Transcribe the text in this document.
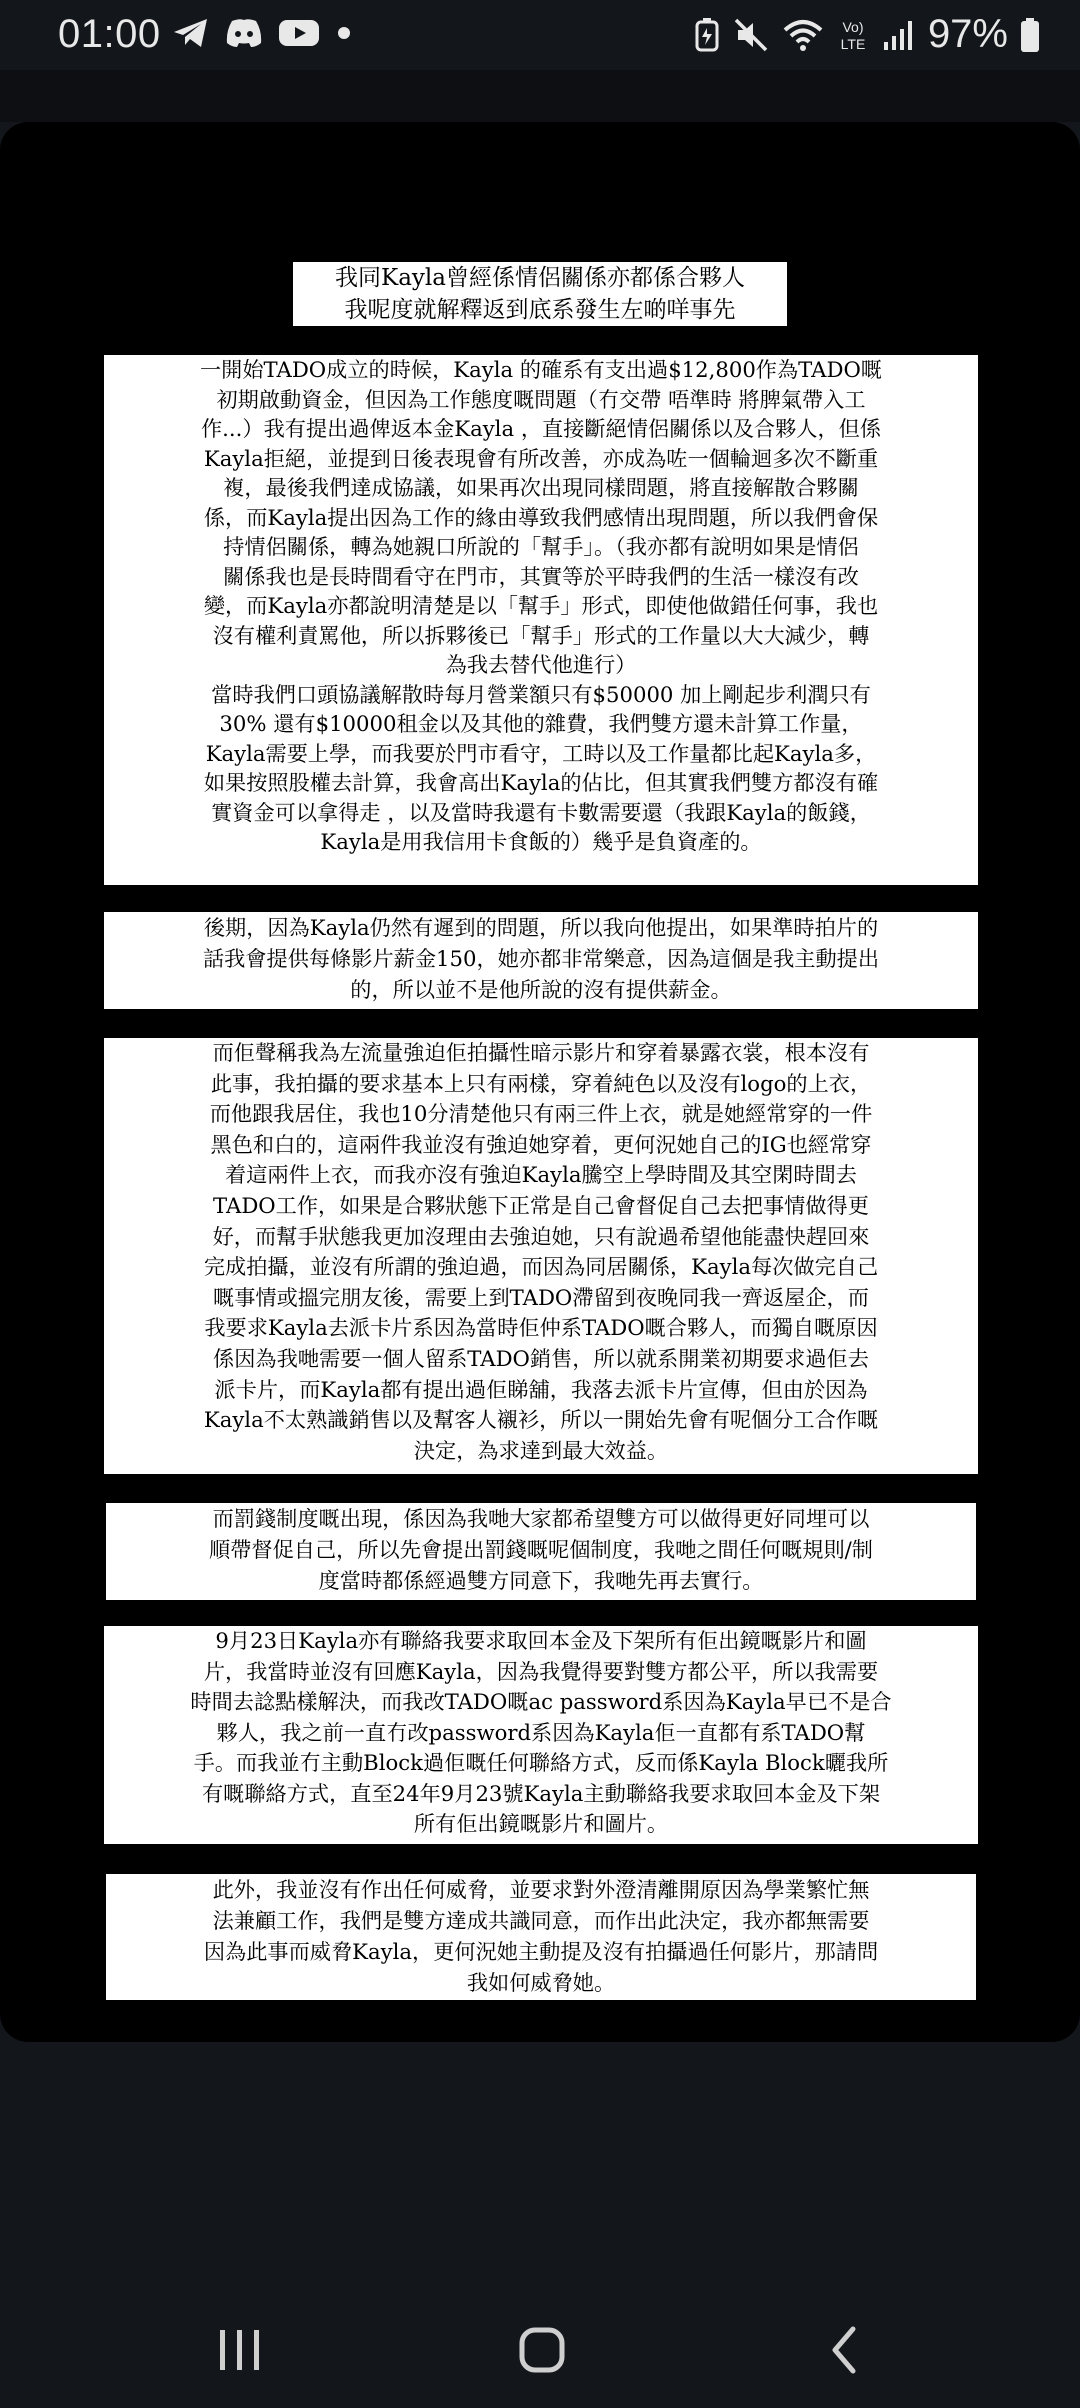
01:00	Vo)
LTE 97%

我同Kayla曾經係情侶關係亦都係合夥人

我呢度就解釋返到底系發生左啲咩事先

一開始TADO成立的時候，Kayla 的確系有支出過$12,800作為TADO嘅

初期啟動資金，但因為工作態度嘅問題（冇交帶 唔準時 將脾氣帶入工

作...）我有提出過俾返本金Kayla ，直接斷絕情侶關係以及合夥人，但係

Kayla拒絕，並提到日後表現會有所改善，亦成為咗一個輪迴多次不斷重

複，最後我們達成協議，如果再次出現同樣問題，將直接解散合夥關

係，而Kayla提出因為工作的緣由導致我們感情出現問題，所以我們會保

持情侶關係，轉為她親口所說的「幫手」。（我亦都有說明如果是情侶

關係我也是長時間看守在門市，其實等於平時我們的生活一樣沒有改

變，而Kayla亦都說明清楚是以「幫手」形式，即使他做錯任何事，我也

沒有權利責罵他，所以拆夥後已「幫手」形式的工作量以大大減少，轉

為我去替代他進行）

當時我們口頭協議解散時每月營業額只有$50000 加上剛起步利潤只有

30% 還有$10000租金以及其他的雜費，我們雙方還未計算工作量，

Kayla需要上學，而我要於門市看守，工時以及工作量都比起Kayla多，

如果按照股權去計算，我會高出Kayla的佔比，但其實我們雙方都沒有確

實資金可以拿得走 ，以及當時我還有卡數需要還（我跟Kayla的飯錢，

Kayla是用我信用卡食飯的）幾乎是負資產的。

後期，因為Kayla仍然有遲到的問題，所以我向他提出，如果準時拍片的

話我會提供每條影片薪金150，她亦都非常樂意，因為這個是我主動提出

的，所以並不是他所說的沒有提供薪金。

而佢聲稱我為左流量強迫佢拍攝性暗示影片和穿着暴露衣裳，根本沒有

此事，我拍攝的要求基本上只有兩樣，穿着純色以及沒有logo的上衣，

而他跟我居住，我也10分清楚他只有兩三件上衣，就是她經常穿的一件

黑色和白的，這兩件我並沒有強迫她穿着，更何況她自己的IG也經常穿

着這兩件上衣，而我亦沒有強迫Kayla騰空上學時間及其空閑時間去

TADO工作，如果是合夥狀態下正常是自己會督促自己去把事情做得更

好，而幫手狀態我更加沒理由去強迫她，只有說過希望他能盡快趕回來

完成拍攝，並沒有所謂的強迫過，而因為同居關係，Kayla每次做完自己

嘅事情或搵完朋友後，需要上到TADO滯留到夜晚同我一齊返屋企，而

我要求Kayla去派卡片系因為當時佢仲系TADO嘅合夥人，而獨自嘅原因

係因為我哋需要一個人留系TADO銷售，所以就系開業初期要求過佢去

派卡片，而Kayla都有提出過佢睇舖，我落去派卡片宣傳，但由於因為

Kayla不太熟識銷售以及幫客人襯衫，所以一開始先會有呢個分工合作嘅

決定，為求達到最大效益。

而罰錢制度嘅出現，係因為我哋大家都希望雙方可以做得更好同埋可以

順帶督促自己，所以先會提出罰錢嘅呢個制度，我哋之間任何嘅規則/制

度當時都係經過雙方同意下，我哋先再去實行。

9月23日Kayla亦有聯絡我要求取回本金及下架所有佢出鏡嘅影片和圖

片，我當時並沒有回應Kayla，因為我覺得要對雙方都公平，所以我需要

時間去諗點樣解決，而我改TADO嘅ac password系因為Kayla早已不是合

夥人，我之前一直冇改password系因為Kayla佢一直都有系TADO幫

手。而我並冇主動Block過佢嘅任何聯絡方式，反而係Kayla Block曬我所

有嘅聯絡方式，直至24年9月23號Kayla主動聯絡我要求取回本金及下架

所有佢出鏡嘅影片和圖片。

此外，我並沒有作出任何威脅，並要求對外澄清離開原因為學業繁忙無

法兼顧工作，我們是雙方達成共識同意，而作出此決定，我亦都無需要

因為此事而威脅Kayla，更何況她主動提及沒有拍攝過任何影片，那請問

我如何威脅她。
